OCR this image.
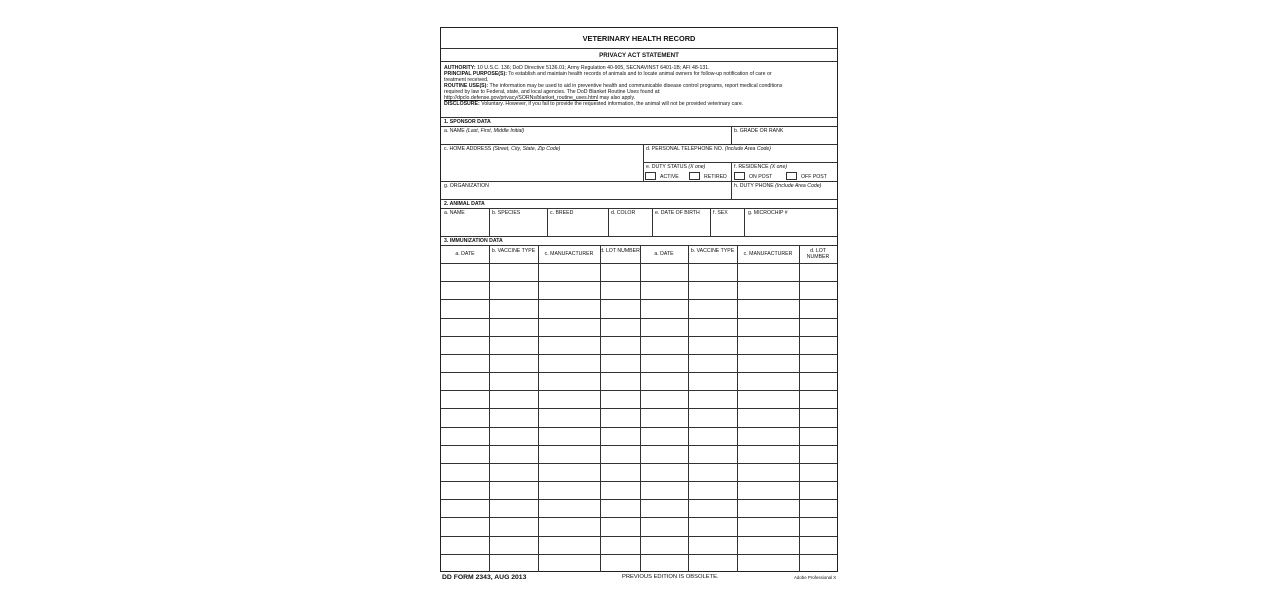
VETERINARY HEALTH RECORD
PRIVACY ACT STATEMENT
AUTHORITY: 10 U.S.C. 136; DoD Directive 5136.01; Army Regulation 40-905, SECNAVINST 6401-1B; AFI 48-131.
PRINCIPAL PURPOSE(S): To establish and maintain health records of animals and to locate animal owners for follow-up notification of care or
treatment received.
ROUTINE USE(S): The information may be used to aid in preventive health and communicable disease control programs, report medical conditions
required by law to Federal, state, and local agencies. The DoD Blanket Routine Uses found at:
http://dpclo.defense.gov/privacy/SORNs/blanket_routine_uses.html may also apply.
DISCLOSURE: Voluntary. However, if you fail to provide the requested information, the animal will not be provided veterinary care.
1. SPONSOR DATA
a. NAME (Last, First, Middle Initial)	b. GRADE OR RANK
c. HOME ADDRESS (Street, City, State, Zip Code)	d. PERSONAL TELEPHONE NO. (Include Area Code)
e. DUTY STATUS (X one)	f. RESIDENCE (X one)
ACTIVE	RETIRED	ON POST	OFF POST
g. ORGANIZATION	h. DUTY PHONE (Include Area Code)
2. ANIMAL DATA
a. NAME	b. SPECIES	c. BREED	d. COLOR	e. DATE OF BIRTH	f. SEX	g. MICROCHIP #
3. IMMUNIZATION DATA
a. DATE	b. VACCINE TYPE	c. MANUFACTURER	d. LOT NUMBER	a. DATE	b. VACCINE TYPE	c. MANUFACTURER	d. LOT NUMBER
DD FORM 2343, AUG 2013	PREVIOUS EDITION IS OBSOLETE.	Adobe Professional X
